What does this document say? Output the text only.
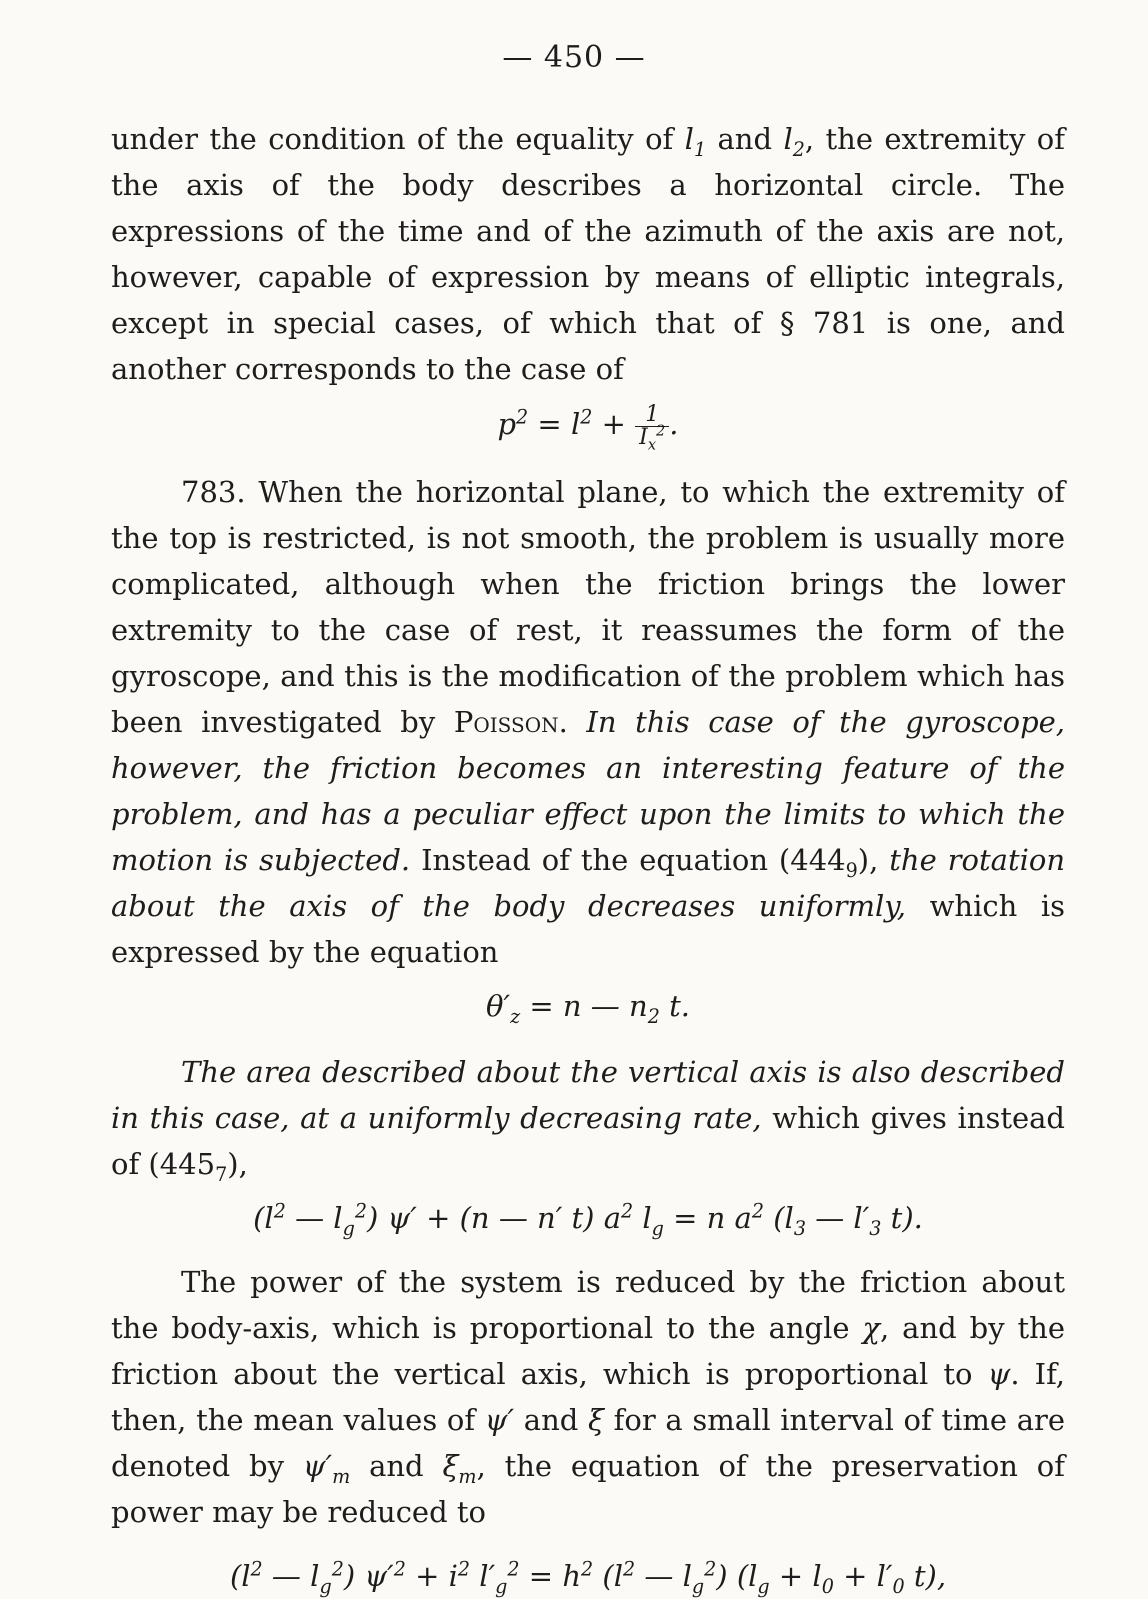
— 450 —

under the condition of the equality of $l_1$ and $l_2$, the extremity of the axis of the body describes a horizontal circle. The expressions of the time and of the azimuth of the axis are not, however, capable of expression by means of elliptic integrals, except in special cases, of which that of § 781 is one, and another corresponds to the case of

$p^2 = l^2 + \frac{1}{I_x^2}$ .

783. When the horizontal plane, to which the extremity of the top is restricted, is not smooth, the problem is usually more complicated, although when the friction brings the lower extremity to the case of rest, it reassumes the form of the gyroscope, and this is the modification of the problem which has been investigated by Poisson. In this case of the gyroscope, however, the friction becomes an interesting feature of the problem, and has a peculiar effect upon the limits to which the motion is subjected. Instead of the equation $(444_9)$, the rotation about the axis of the body decreases uniformly, which is expressed by the equation

$\theta'_z = n$ — $n_2$ t.

The area described about the vertical axis is also described in this case, at a uniformly decreasing rate, which gives instead of $(445_7)$,

($l^2$ — $l_g^2$) ψ′ + (n — n′ t) $a^2$ $l_g = n$ $a^2$ ($l_3$ — $l'_3$ t).

The power of the system is reduced by the friction about the body-axis, which is proportional to the angle χ, and by the friction about the vertical axis, which is proportional to ψ. If, then, the mean values of ψ′ and ξ for a small interval of time are denoted by $\psi'_m$ and $\xi_m$, the equation of the preservation of power may be reduced to

($l^2$ — $l_g^2$) $\psi'^2 + i^2$ $l'_g^2 = h^2$ ($l^2$ — $l_g^2$) ($l_g + l_0 + l'_0$ t),
